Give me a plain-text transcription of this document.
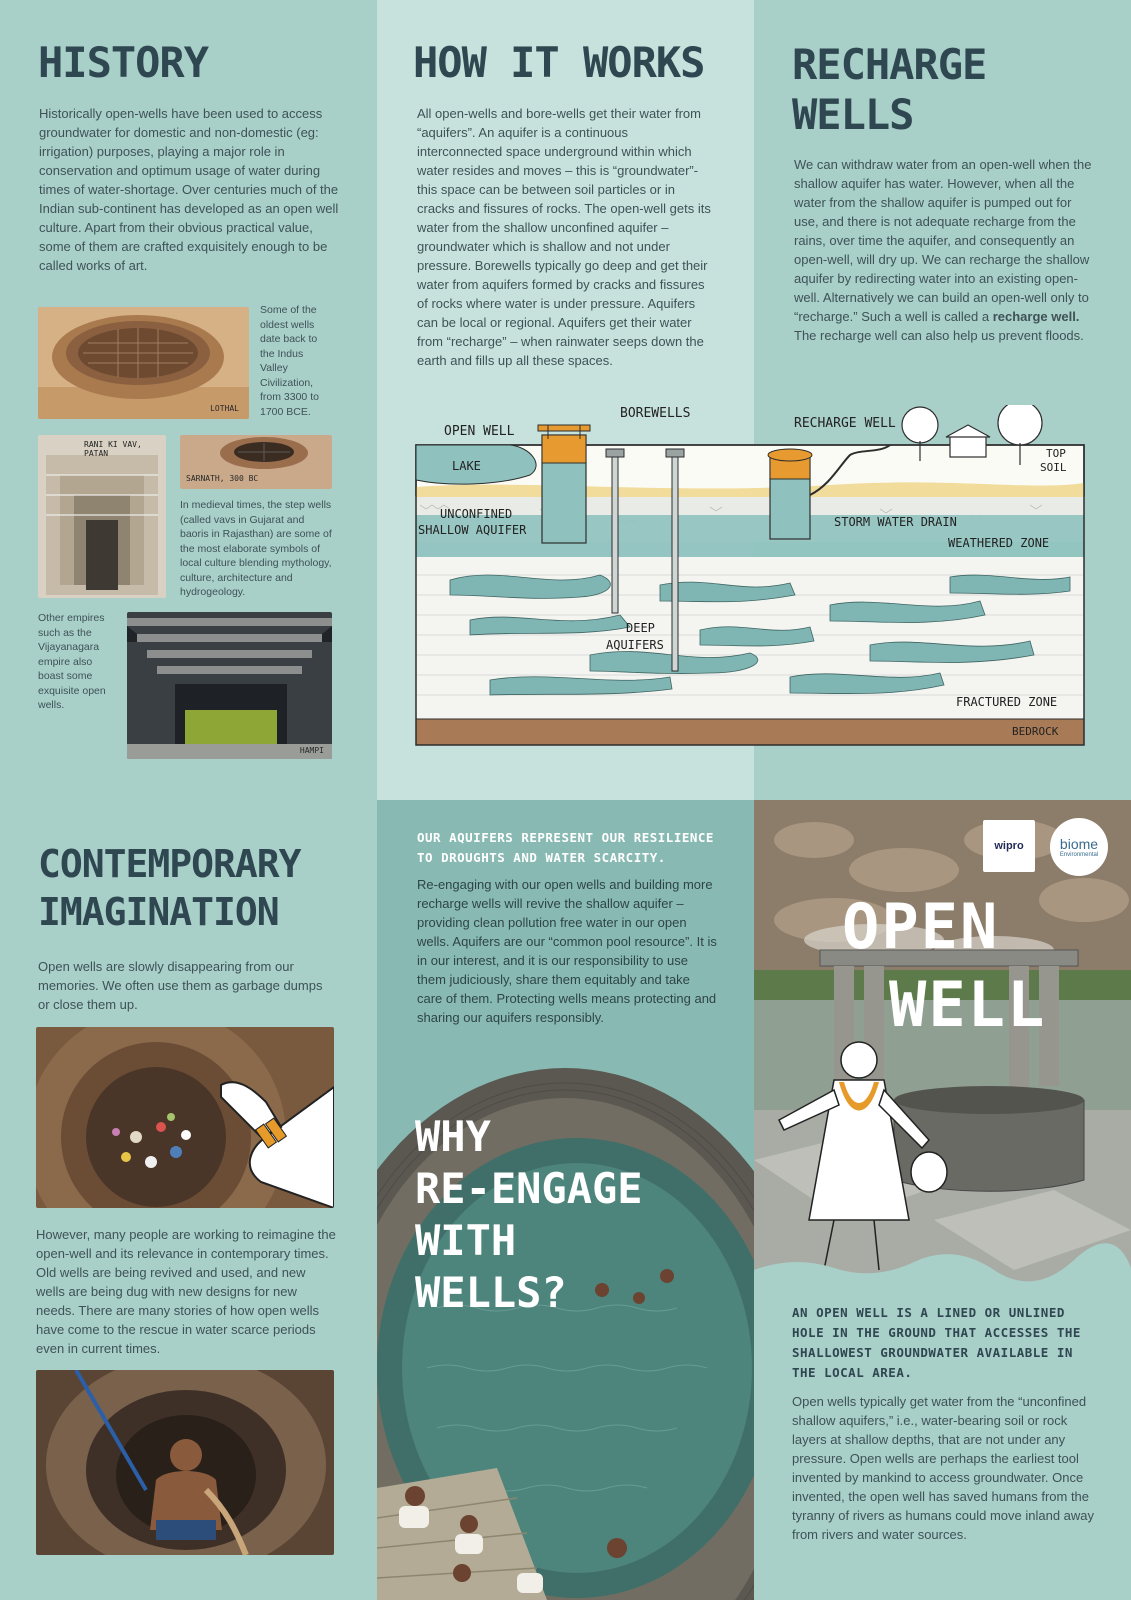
HISTORY

Historically open-wells have been used to access groundwater for domestic and non-domestic (eg: irrigation) purposes, playing a major role in conservation and optimum usage of water during times of water-shortage. Over centuries much of the Indian sub-continent has developed as an open well culture. Apart from their obvious practical value, some of them are crafted exquisitely enough to be called works of art.

LOTHAL

Some of the oldest wells date back to the Indus Valley Civilization, from 3300 to 1700 BCE.

RANI KI VAV, PATAN
SARNATH, 300 BC

In medieval times, the step wells (called vavs in Gujarat and baoris in Rajasthan) are some of the most elaborate symbols of local culture blending mythology, culture, architecture and hydrogeology.

Other empires such as the Vijayanagara empire also boast some exquisite open wells.

HAMPI
HOW IT WORKS

All open-wells and bore-wells get their water from “aquifers”. An aquifer is a continuous interconnected space underground within which water resides and moves – this is “groundwater”- this space can be between soil particles or in cracks and fissures of rocks. The open-well gets its water from the shallow unconfined aquifer – groundwater which is shallow and not under pressure. Borewells typically go deep and get their water from aquifers formed by cracks and fissures of rocks where water is under pressure. Aquifers can be local or regional. Aquifers get their water from “recharge” – when rainwater seeps down the earth and fills up all these spaces.

RECHARGE
WELLS

We can withdraw water from an open-well when the shallow aquifer has water. However, when all the water from the shallow aquifer is pumped out for use, and there is not adequate recharge from the rains, over time the aquifer, and consequently an open-well, will dry up. We can recharge the shallow aquifer by redirecting water into an existing open-well. Alternatively we can build an open-well only to “recharge.” Such a well is called a recharge well. The recharge well can also help us prevent floods.

OPEN WELL
BOREWELLS
RECHARGE WELL
LAKE
TOP
SOIL
UNCONFINED
SHALLOW AQUIFER
STORM WATER DRAIN
WEATHERED ZONE
DEEP
AQUIFERS
FRACTURED ZONE
BEDROCK
CONTEMPORARY
IMAGINATION

Open wells are slowly disappearing from our memories. We often use them as garbage dumps or close them up.

However, many people are working to reimagine the open-well and its relevance in contemporary times. Old wells are being revived and used, and new wells are being dug with new designs for new needs. There are many stories of how open wells have come to the rescue in water scarce periods even in current times.

OUR AQUIFERS REPRESENT OUR RESILIENCE
TO DROUGHTS AND WATER SCARCITY.

Re-engaging with our open wells and building more recharge wells will revive the shallow aquifer – providing clean pollution free water in our open wells. Aquifers are our “common pool resource”. It is in our interest, and it is our responsibility to use them judiciously, share them equitably and take care of them. Protecting wells means protecting and sharing our aquifers responsibly.

WHY
RE-ENGAGE
WITH
WELLS?
wipro	biome
Environmental
OPEN
WELL
AN OPEN WELL IS A LINED OR UNLINED
HOLE IN THE GROUND THAT ACCESSES THE
SHALLOWEST GROUNDWATER AVAILABLE IN
THE LOCAL AREA.

Open wells typically get water from the “unconfined shallow aquifers,” i.e., water-bearing soil or rock layers at shallow depths, that are not under any pressure. Open wells are perhaps the earliest tool invented by mankind to access groundwater. Once invented, the open well has saved humans from the tyranny of rivers as humans could move inland away from rivers and water sources.
